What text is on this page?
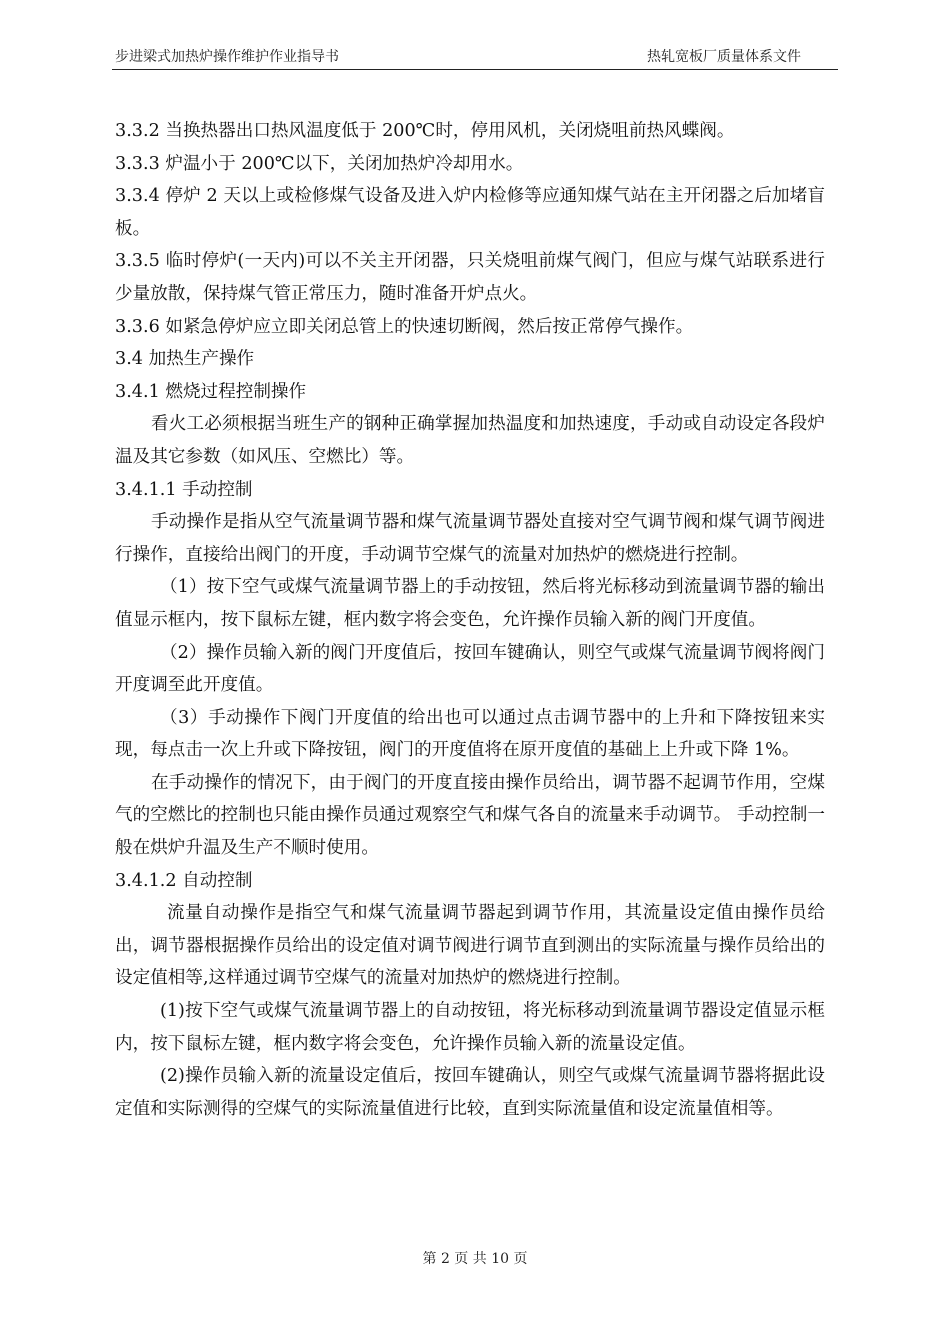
步进梁式加热炉操作维护作业指导书	热轧宽板厂质量体系文件

3.3.2 当换热器出口热风温度低于 200℃时，停用风机，关闭烧咀前热风蝶阀。

3.3.3 炉温小于 200℃以下，关闭加热炉冷却用水。

3.3.4 停炉 2 天以上或检修煤气设备及进入炉内检修等应通知煤气站在主开闭器之后加堵盲板。

3.3.5 临时停炉(一天内)可以不关主开闭器，只关烧咀前煤气阀门，但应与煤气站联系进行少量放散，保持煤气管正常压力，随时准备开炉点火。

3.3.6 如紧急停炉应立即关闭总管上的快速切断阀，然后按正常停气操作。

3.4 加热生产操作

3.4.1 燃烧过程控制操作

看火工必须根据当班生产的钢种正确掌握加热温度和加热速度，手动或自动设定各段炉温及其它参数（如风压、空燃比）等。

3.4.1.1 手动控制

手动操作是指从空气流量调节器和煤气流量调节器处直接对空气调节阀和煤气调节阀进行操作，直接给出阀门的开度，手动调节空煤气的流量对加热炉的燃烧进行控制。

（1）按下空气或煤气流量调节器上的手动按钮，然后将光标移动到流量调节器的输出值显示框内，按下鼠标左键，框内数字将会变色，允许操作员输入新的阀门开度值。

（2）操作员输入新的阀门开度值后，按回车键确认，则空气或煤气流量调节阀将阀门开度调至此开度值。

（3）手动操作下阀门开度值的给出也可以通过点击调节器中的上升和下降按钮来实现，每点击一次上升或下降按钮，阀门的开度值将在原开度值的基础上上升或下降 1%。

在手动操作的情况下，由于阀门的开度直接由操作员给出，调节器不起调节作用，空煤气的空燃比的控制也只能由操作员通过观察空气和煤气各自的流量来手动调节。 手动控制一般在烘炉升温及生产不顺时使用。

3.4.1.2 自动控制

流量自动操作是指空气和煤气流量调节器起到调节作用，其流量设定值由操作员给出，调节器根据操作员给出的设定值对调节阀进行调节直到测出的实际流量与操作员给出的设定值相等,这样通过调节空煤气的流量对加热炉的燃烧进行控制。

(1)按下空气或煤气流量调节器上的自动按钮，将光标移动到流量调节器设定值显示框内，按下鼠标左键，框内数字将会变色，允许操作员输入新的流量设定值。

(2)操作员输入新的流量设定值后，按回车键确认，则空气或煤气流量调节器将据此设定值和实际测得的空煤气的实际流量值进行比较，直到实际流量值和设定流量值相等。

第 2 页 共 10 页
